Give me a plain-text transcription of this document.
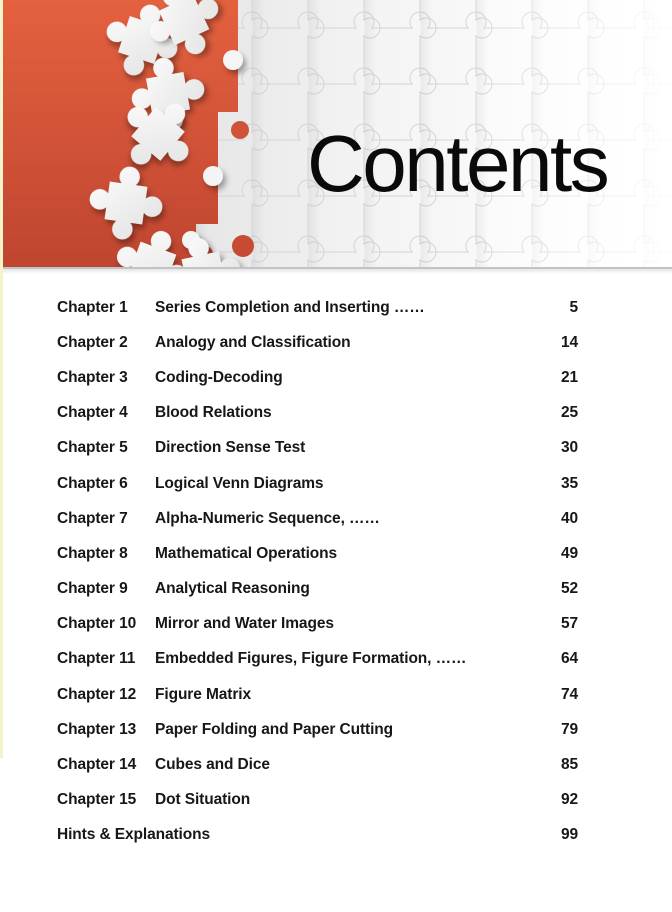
Contents
Chapter 1	Series Completion and Inserting ……	5
Chapter 2	Analogy and Classification	14
Chapter 3	Coding-Decoding	21
Chapter 4	Blood Relations	25
Chapter 5	Direction Sense Test	30
Chapter 6	Logical Venn Diagrams	35
Chapter 7	Alpha-Numeric Sequence, ……	40
Chapter 8	Mathematical Operations	49
Chapter 9	Analytical Reasoning	52
Chapter 10	Mirror and Water Images	57
Chapter 11	Embedded Figures, Figure Formation, ……	64
Chapter 12	Figure Matrix	74
Chapter 13	Paper Folding and Paper Cutting	79
Chapter 14	Cubes and Dice	85
Chapter 15	Dot Situation	92
Hints & Explanations	99
